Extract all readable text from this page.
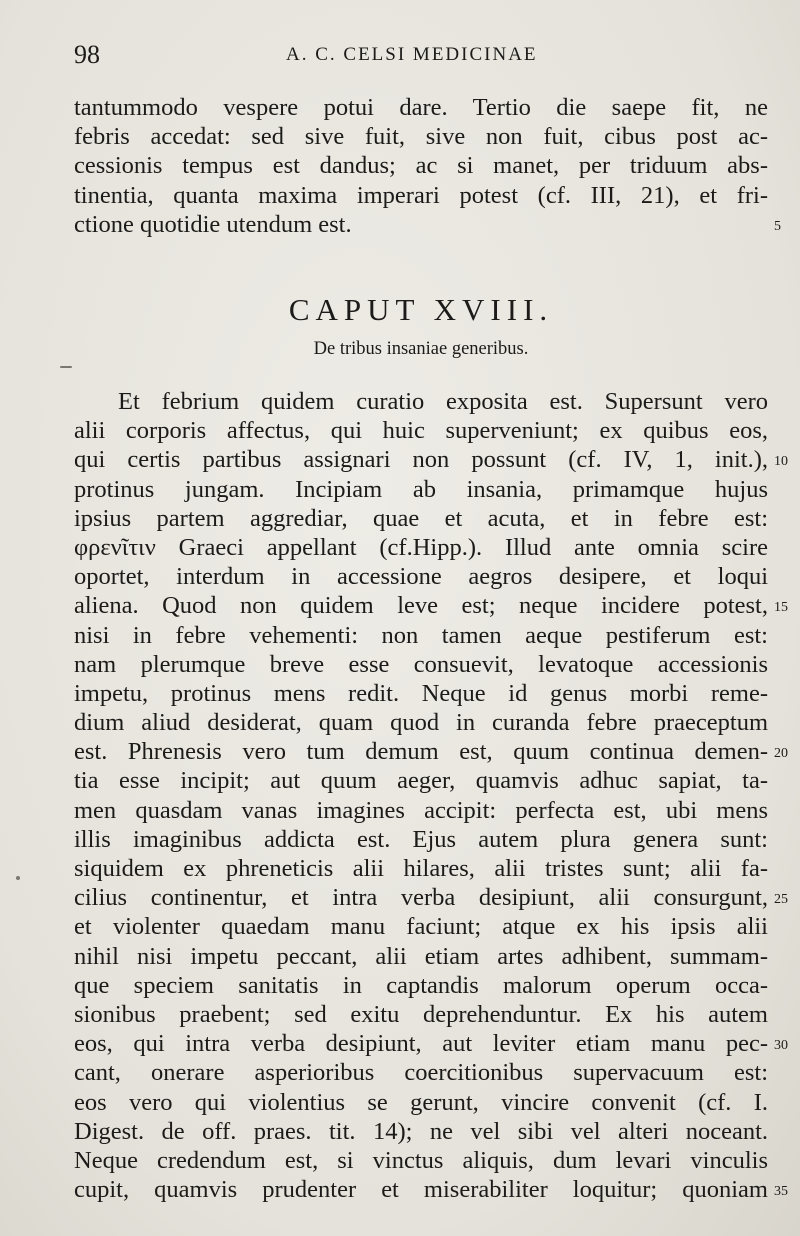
98	A. C. CELSI MEDICINAE
tantummodo vespere potui dare. Tertio die saepe fit, ne
febris accedat: sed sive fuit, sive non fuit, cibus post ac-
cessionis tempus est dandus; ac si manet, per triduum abs-
tinentia, quanta maxima imperari potest (cf. III, 21), et fri-
ctione quotidie utendum est.	5
CAPUT XVIII.
De tribus insaniae generibus.
Et febrium quidem curatio exposita est. Supersunt vero
alii corporis affectus, qui huic superveniunt; ex quibus eos,
qui certis partibus assignari non possunt (cf. IV, 1, init.), 10
protinus jungam. Incipiam ab insania, primamque hujus
ipsius partem aggrediar, quae et acuta, et in febre est:
φρενῖτιν Graeci appellant (cf.Hipp.). Illud ante omnia scire
oportet, interdum in accessione aegros desipere, et loqui
aliena. Quod non quidem leve est; neque incidere potest, 15
nisi in febre vehementi: non tamen aeque pestiferum est:
nam plerumque breve esse consuevit, levatoque accessionis
impetu, protinus mens redit. Neque id genus morbi reme-
dium aliud desiderat, quam quod in curanda febre praeceptum
est. Phrenesis vero tum demum est, quum continua demen- 20
tia esse incipit; aut quum aeger, quamvis adhuc sapiat, ta-
men quasdam vanas imagines accipit: perfecta est, ubi mens
illis imaginibus addicta est. Ejus autem plura genera sunt:
siquidem ex phreneticis alii hilares, alii tristes sunt; alii fa-
cilius continentur, et intra verba desipiunt, alii consurgunt, 25
et violenter quaedam manu faciunt; atque ex his ipsis alii
nihil nisi impetu peccant, alii etiam artes adhibent, summam-
que speciem sanitatis in captandis malorum operum occa-
sionibus praebent; sed exitu deprehenduntur. Ex his autem
eos, qui intra verba desipiunt, aut leviter etiam manu pec- 30
cant, onerare asperioribus coercitionibus supervacuum est:
eos vero qui violentius se gerunt, vincire convenit (cf. I.
Digest. de off. praes. tit. 14); ne vel sibi vel alteri noceant.
Neque credendum est, si vinctus aliquis, dum levari vinculis
cupit, quamvis prudenter et miserabiliter loquitur; quoniam 35
